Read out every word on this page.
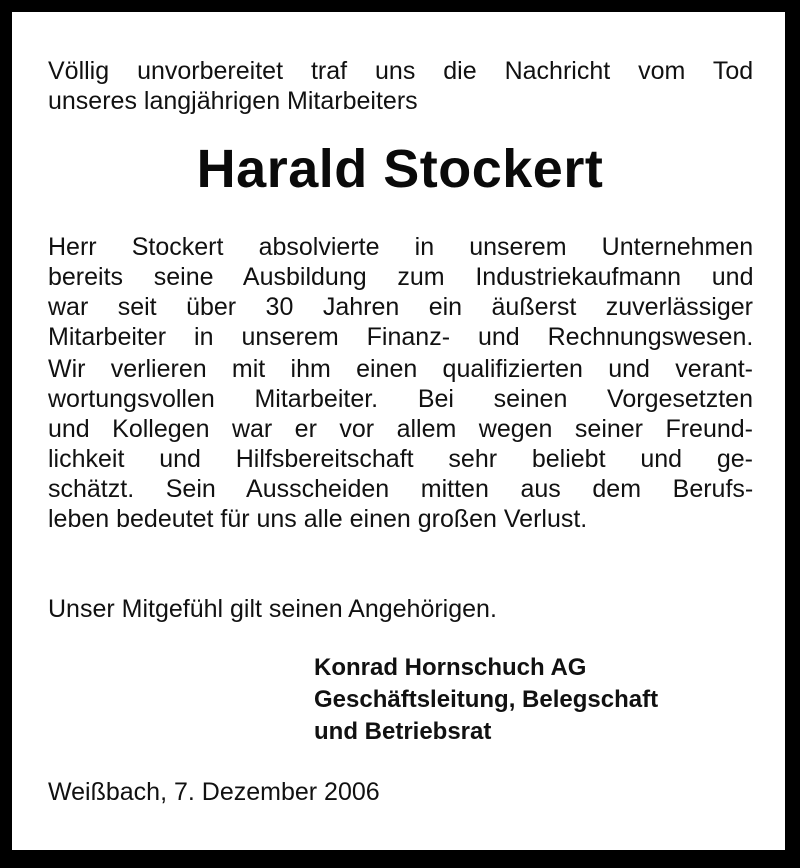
Völlig unvorbereitet traf uns die Nachricht vom Tod
unseres langjährigen Mitarbeiters
Harald Stockert
Herr Stockert absolvierte in unserem Unternehmen
bereits seine Ausbildung zum Industriekaufmann und
war seit über 30 Jahren ein äußerst zuverlässiger
Mitarbeiter in unserem Finanz- und Rechnungswesen.
Wir verlieren mit ihm einen qualifizierten und verant-
wortungsvollen Mitarbeiter. Bei seinen Vorgesetzten
und Kollegen war er vor allem wegen seiner Freund-
lichkeit und Hilfsbereitschaft sehr beliebt und ge-
schätzt. Sein Ausscheiden mitten aus dem Berufs-
leben bedeutet für uns alle einen großen Verlust.
Unser Mitgefühl gilt seinen Angehörigen.
Konrad Hornschuch AG
Geschäftsleitung, Belegschaft
und Betriebsrat
Weißbach, 7. Dezember 2006
